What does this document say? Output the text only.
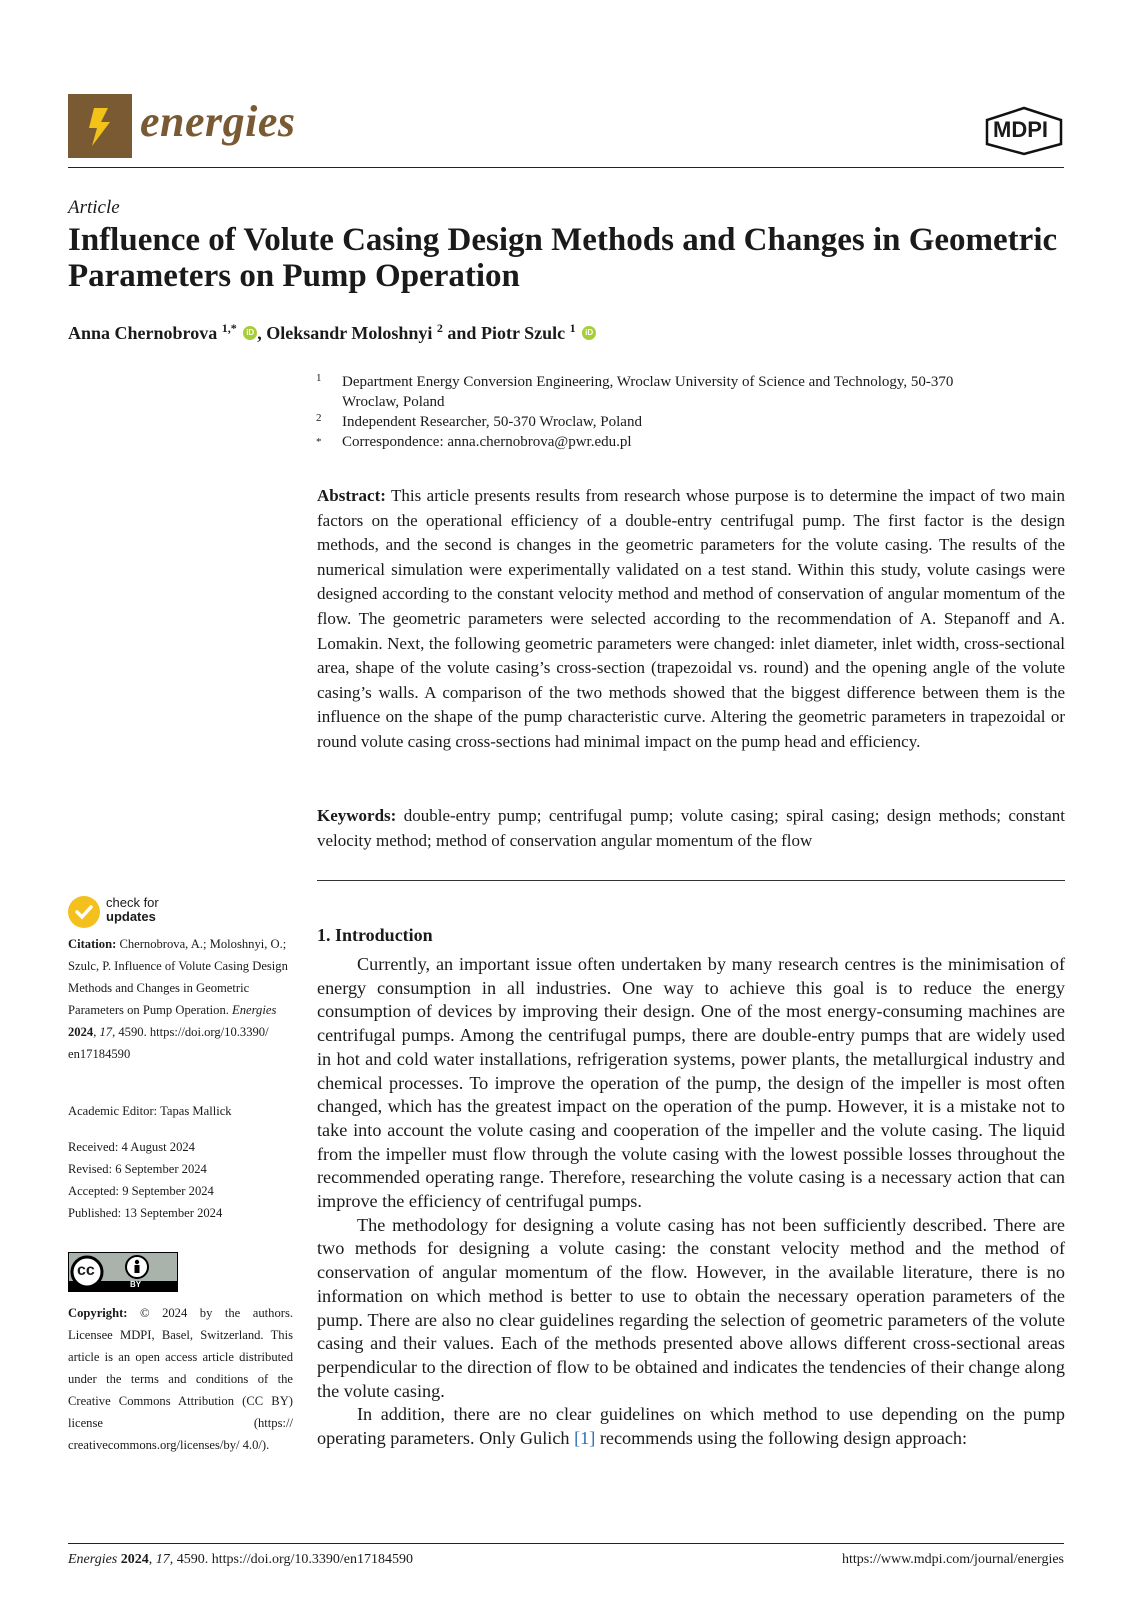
energies	MDPI
Article
Influence of Volute Casing Design Methods and Changes in Geometric Parameters on Pump Operation
Anna Chernobrova $^{1,*}$ iD , Oleksandr Moloshnyi $^2$ and Piotr Szulc $^1$ iD
1 Department Energy Conversion Engineering, Wroclaw University of Science and Technology, 50-370 Wroclaw, Poland
2 Independent Researcher, 50-370 Wroclaw, Poland
* Correspondence: anna.chernobrova@pwr.edu.pl
Abstract: This article presents results from research whose purpose is to determine the impact of two main factors on the operational efficiency of a double-entry centrifugal pump. The first factor is the design methods, and the second is changes in the geometric parameters for the volute casing. The results of the numerical simulation were experimentally validated on a test stand. Within this study, volute casings were designed according to the constant velocity method and method of conservation of angular momentum of the flow. The geometric parameters were selected according to the recommendation of A. Stepanoff and A. Lomakin. Next, the following geometric parameters were changed: inlet diameter, inlet width, cross-sectional area, shape of the volute casing’s cross-section (trapezoidal vs. round) and the opening angle of the volute casing’s walls. A comparison of the two methods showed that the biggest difference between them is the influence on the shape of the pump characteristic curve. Altering the geometric parameters in trapezoidal or round volute casing cross-sections had minimal impact on the pump head and efficiency.
Keywords: double-entry pump; centrifugal pump; volute casing; spiral casing; design methods; constant velocity method; method of conservation angular momentum of the flow
check for
updates
Citation: Chernobrova, A.; Moloshnyi, O.; Szulc, P. Influence of Volute Casing Design Methods and Changes in Geometric Parameters on Pump Operation. Energies 2024, 17, 4590. https://doi.org/10.3390/ en17184590
Academic Editor: Tapas Mallick
Received: 4 August 2024
Revised: 6 September 2024
Accepted: 9 September 2024
Published: 13 September 2024
cc
BY
Copyright: © 2024 by the authors. Licensee MDPI, Basel, Switzerland. This article is an open access article distributed under the terms and conditions of the Creative Commons Attribution (CC BY) license (https:// creativecommons.org/licenses/by/ 4.0/).
1. Introduction

Currently, an important issue often undertaken by many research centres is the minimisation of energy consumption in all industries. One way to achieve this goal is to reduce the energy consumption of devices by improving their design. One of the most energy-consuming machines are centrifugal pumps. Among the centrifugal pumps, there are double-entry pumps that are widely used in hot and cold water installations, refrigeration systems, power plants, the metallurgical industry and chemical processes. To improve the operation of the pump, the design of the impeller is most often changed, which has the greatest impact on the operation of the pump. However, it is a mistake not to take into account the volute casing and cooperation of the impeller and the volute casing. The liquid from the impeller must flow through the volute casing with the lowest possible losses throughout the recommended operating range. Therefore, researching the volute casing is a necessary action that can improve the efficiency of centrifugal pumps.

The methodology for designing a volute casing has not been sufficiently described. There are two methods for designing a volute casing: the constant velocity method and the method of conservation of angular momentum of the flow. However, in the available literature, there is no information on which method is better to use to obtain the necessary operation parameters of the pump. There are also no clear guidelines regarding the selection of geometric parameters of the volute casing and their values. Each of the methods presented above allows different cross-sectional areas perpendicular to the direction of flow to be obtained and indicates the tendencies of their change along the volute casing.

In addition, there are no clear guidelines on which method to use depending on the pump operating parameters. Only Gulich [1] recommends using the following design approach:

Energies 2024, 17, 4590. https://doi.org/10.3390/en17184590	https://www.mdpi.com/journal/energies
